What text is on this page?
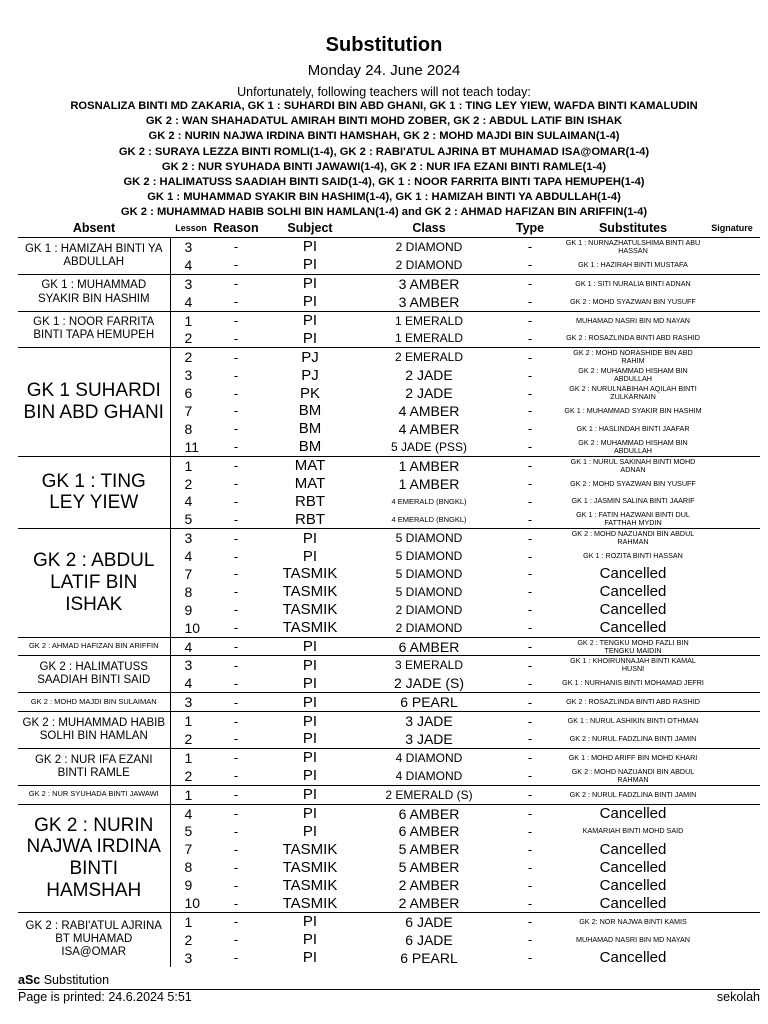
Substitution
Monday 24. June 2024
Unfortunately, following teachers will not teach today:
ROSNALIZA BINTI MD ZAKARIA, GK 1 : SUHARDI BIN ABD GHANI, GK 1 : TING LEY YIEW, WAFDA BINTI KAMALUDIN
GK 2 : WAN SHAHADATUL AMIRAH BINTI MOHD ZOBER, GK 2 : ABDUL LATIF BIN ISHAK
GK 2 : NURIN NAJWA IRDINA BINTI HAMSHAH, GK 2 : MOHD MAJDI BIN SULAIMAN(1-4)
GK 2 : SURAYA LEZZA BINTI ROMLI(1-4), GK 2 : RABI'ATUL AJRINA BT MUHAMAD ISA@OMAR(1-4)
GK 2 : NUR SYUHADA BINTI JAWAWI(1-4), GK 2 : NUR IFA EZANI BINTI RAMLE(1-4)
GK 2 : HALIMATUSS SAADIAH BINTI SAID(1-4), GK 1 : NOOR FARRITA BINTI TAPA HEMUPEH(1-4)
GK 1 : MUHAMMAD SYAKIR BIN HASHIM(1-4), GK 1 : HAMIZAH BINTI YA ABDULLAH(1-4)
GK 2 : MUHAMMAD HABIB SOLHI BIN HAMLAN(1-4) and GK 2 : AHMAD HAFIZAN BIN ARIFFIN(1-4)
Absent	Lesson	Reason	Subject	Class	Type	Substitutes	Signature
GK 1 : HAMIZAH BINTI YA ABDULLAH	3	-	PI	2 DIAMOND	-	GK 1 : NURNAZHATULSHIMA BINTI ABU HASSAN	
	4	-	PI	2 DIAMOND	-	GK 1 : HAZIRAH BINTI MUSTAFA	
GK 1 : MUHAMMAD SYAKIR BIN HASHIM	3	-	PI	3 AMBER	-	GK 1 : SITI NURALIA BINTI ADNAN	
	4	-	PI	3 AMBER	-	GK 2 : MOHD SYAZWAN BIN YUSUFF	
GK 1 : NOOR FARRITA BINTI TAPA HEMUPEH	1	-	PI	1 EMERALD	-	MUHAMAD NASRI BIN MD NAYAN	
	2	-	PI	1 EMERALD	-	GK 2 : ROSAZLINDA BINTI ABD RASHID	
GK 1 SUHARDI BIN ABD GHANI	2	-	PJ	2 EMERALD	-	GK 2 : MOHD NORASHIDE BIN ABD RAHIM	
	3	-	PJ	2 JADE	-	GK 2 : MUHAMMAD HISHAM BIN ABDULLAH	
	6	-	PK	2 JADE	-	GK 2 : NURULNABIHAH AQILAH BINTI ZULKARNAIN	
	7	-	BM	4 AMBER	-	GK 1 : MUHAMMAD SYAKIR BIN HASHIM	
	8	-	BM	4 AMBER	-	GK 1 : HASLINDAH BINTI JAAFAR	
	11	-	BM	5 JADE (PSS)	-	GK 2 : MUHAMMAD HISHAM BIN ABDULLAH	
GK 1 : TING LEY YIEW	1	-	MAT	1 AMBER	-	GK 1 : NURUL SAKINAH BINTI MOHD ADNAN	
	2	-	MAT	1 AMBER	-	GK 2 : MOHD SYAZWAN BIN YUSUFF	
	4	-	RBT	4 EMERALD (BNGKL)	-	GK 1 : JASMIN SALINA BINTI JAARIF	
	5	-	RBT	4 EMERALD (BNGKL)	-	GK 1 : FATIN HAZWANI BINTI DUL FATTHAH MYDIN	
GK 2 : ABDUL LATIF BIN ISHAK	3	-	PI	5 DIAMOND	-	GK 2 : MOHD NAZUANDI BIN ABDUL RAHMAN	
	4	-	PI	5 DIAMOND	-	GK 1 : ROZITA BINTI HASSAN	
	7	-	TASMIK	5 DIAMOND	-	Cancelled	
	8	-	TASMIK	5 DIAMOND	-	Cancelled	
	9	-	TASMIK	2 DIAMOND	-	Cancelled	
	10	-	TASMIK	2 DIAMOND	-	Cancelled	
GK 2 : AHMAD HAFIZAN BIN ARIFFIN	4	-	PI	6 AMBER	-	GK 2 : TENGKU MOHD FAZLI BIN TENGKU MAIDIN	
GK 2 : HALIMATUSS SAADIAH BINTI SAID	3	-	PI	3 EMERALD	-	GK 1 : KHOIRUNNAJAH BINTI KAMAL HUSNI	
	4	-	PI	2 JADE (S)	-	GK 1 : NURHANIS BINTI MOHAMAD JEFRI	
GK 2 : MOHD MAJDI BIN SULAIMAN	3	-	PI	6 PEARL	-	GK 2 : ROSAZLINDA BINTI ABD RASHID	
GK 2 : MUHAMMAD HABIB SOLHI BIN HAMLAN	1	-	PI	3 JADE	-	GK 1 : NURUL ASHIKIN BINTI OTHMAN	
	2	-	PI	3 JADE	-	GK 2 : NURUL FADZLINA BINTI JAMIN	
GK 2 : NUR IFA EZANI BINTI RAMLE	1	-	PI	4 DIAMOND	-	GK 1 : MOHD ARIFF BIN MOHD KHARI	
	2	-	PI	4 DIAMOND	-	GK 2 : MOHD NAZUANDI BIN ABDUL RAHMAN	
GK 2 : NUR SYUHADA BINTI JAWAWI	1	-	PI	2 EMERALD (S)	-	GK 2 : NURUL FADZLINA BINTI JAMIN	
GK 2 : NURIN NAJWA IRDINA BINTI HAMSHAH	4	-	PI	6 AMBER	-	Cancelled	
	5	-	PI	6 AMBER	-	KAMARIAH BINTI MOHD SAID	
	7	-	TASMIK	5 AMBER	-	Cancelled	
	8	-	TASMIK	5 AMBER	-	Cancelled	
	9	-	TASMIK	2 AMBER	-	Cancelled	
	10	-	TASMIK	2 AMBER	-	Cancelled	
GK 2 : RABI'ATUL AJRINA BT MUHAMAD ISA@OMAR	1	-	PI	6 JADE	-	GK 2: NOR NAJWA BINTI KAMIS	
	2	-	PI	6 JADE	-	MUHAMAD NASRI BIN MD NAYAN	
	3	-	PI	6 PEARL	-	Cancelled	
aSc Substitution
Page is printed: 24.6.2024 5:51	sekolah
